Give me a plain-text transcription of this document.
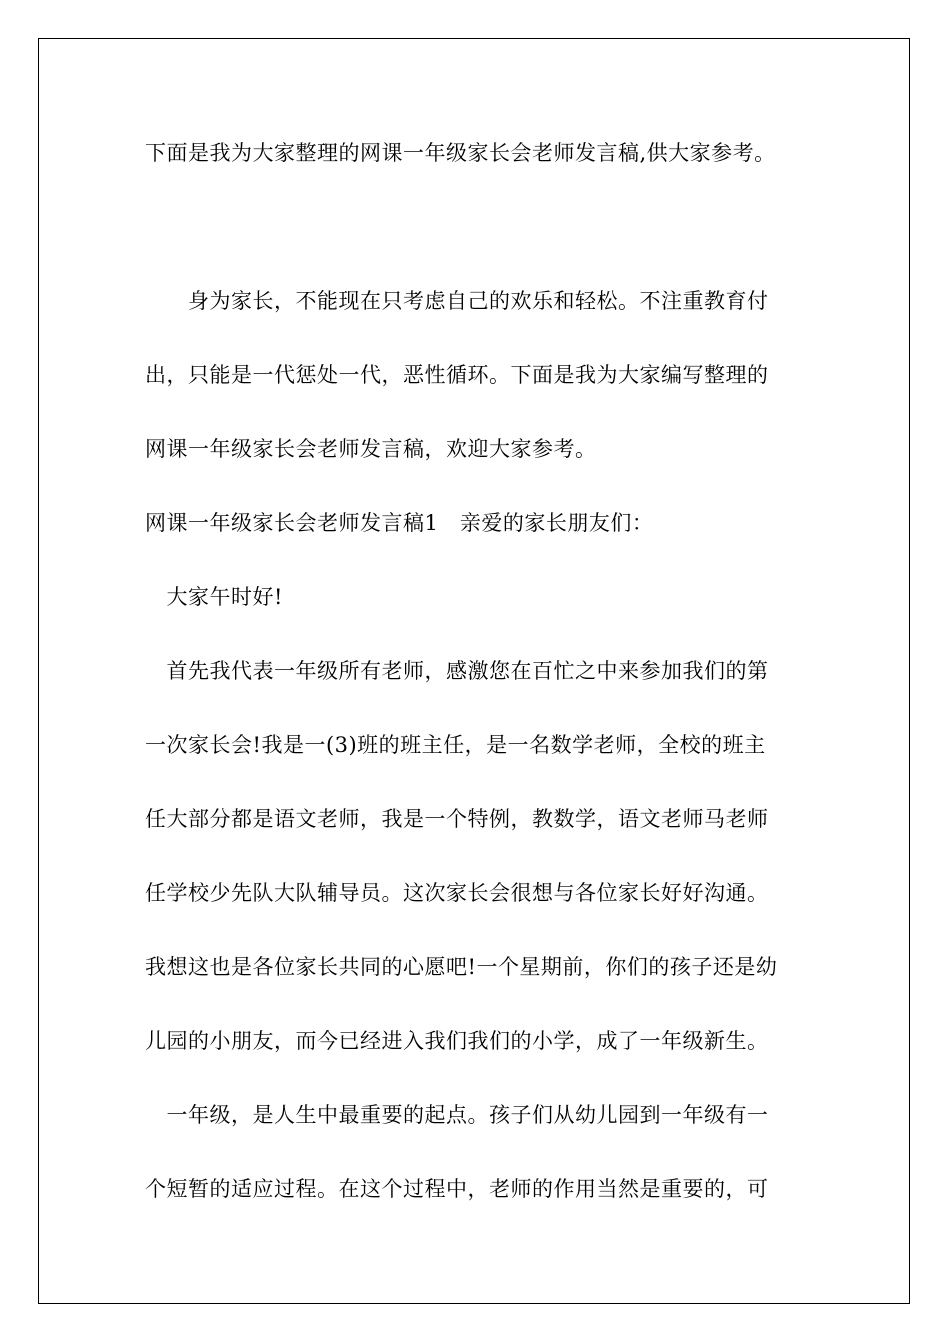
下面是我为大家整理的网课一年级家长会老师发言稿,供大家参考。
　　身为家长，不能现在只考虑自己的欢乐和轻松。不注重教育付
出，只能是一代惩处一代，恶性循环。下面是我为大家编写整理的
网课一年级家长会老师发言稿，欢迎大家参考。
网课一年级家长会老师发言稿1　亲爱的家长朋友们：
　大家午时好!
　首先我代表一年级所有老师，感激您在百忙之中来参加我们的第
一次家长会!我是一(3)班的班主任，是一名数学老师，全校的班主
任大部分都是语文老师，我是一个特例，教数学，语文老师马老师
任学校少先队大队辅导员。这次家长会很想与各位家长好好沟通。
我想这也是各位家长共同的心愿吧!一个星期前，你们的孩子还是幼
儿园的小朋友，而今已经进入我们我们的小学，成了一年级新生。
　一年级，是人生中最重要的起点。孩子们从幼儿园到一年级有一
个短暂的适应过程。在这个过程中，老师的作用当然是重要的，可
